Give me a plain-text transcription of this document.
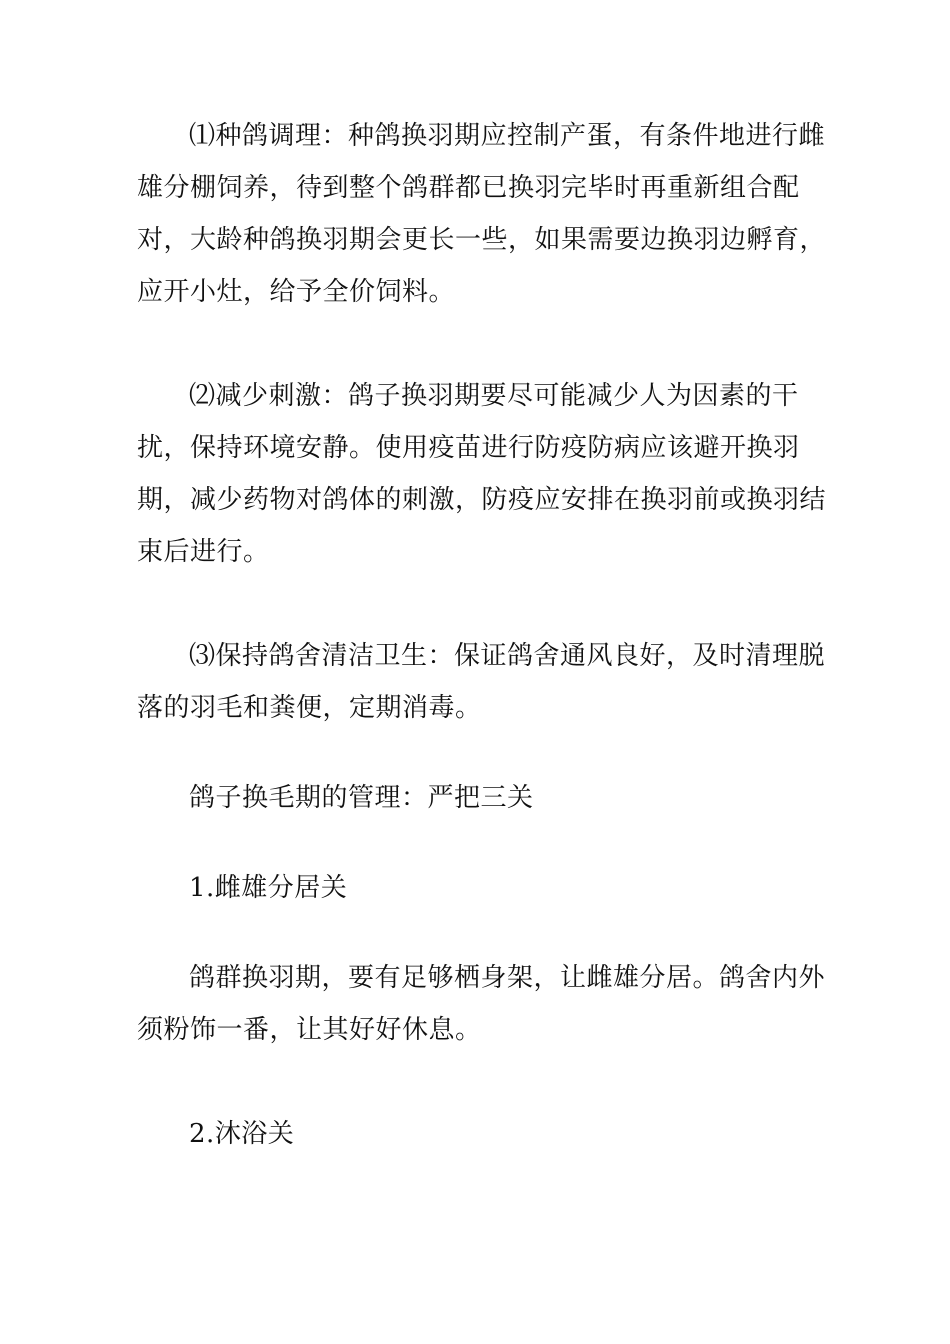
⑴种鸽调理：种鸽换羽期应控制产蛋，有条件地进行雌雄分棚饲养，待到整个鸽群都已换羽完毕时再重新组合配对，大龄种鸽换羽期会更长一些，如果需要边换羽边孵育，应开小灶，给予全价饲料。

⑵减少刺激：鸽子换羽期要尽可能减少人为因素的干扰，保持环境安静。使用疫苗进行防疫防病应该避开换羽期，减少药物对鸽体的刺激，防疫应安排在换羽前或换羽结束后进行。

⑶保持鸽舍清洁卫生：保证鸽舍通风良好，及时清理脱落的羽毛和粪便，定期消毒。

鸽子换毛期的管理：严把三关

1.雌雄分居关

鸽群换羽期，要有足够栖身架，让雌雄分居。鸽舍内外须粉饰一番，让其好好休息。

2.沐浴关
